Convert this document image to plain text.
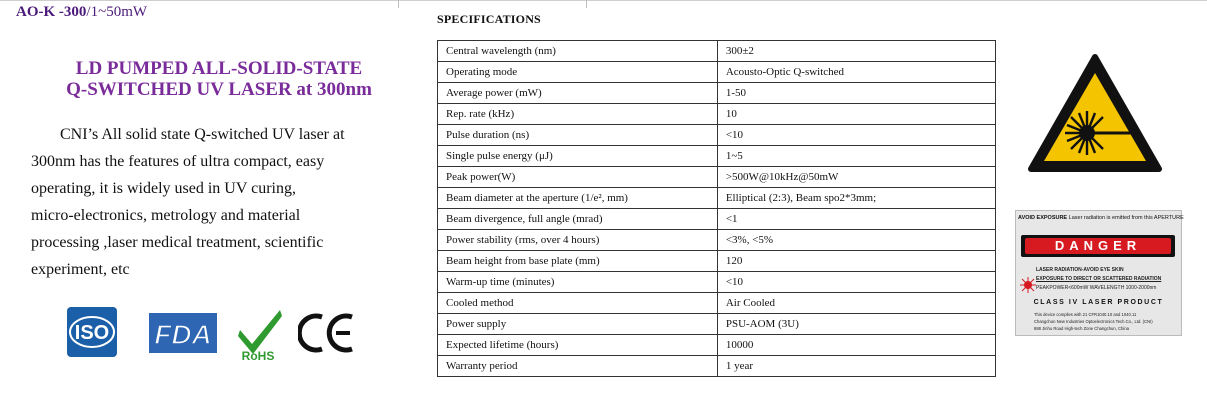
AO-K -300/1~50mW
LD PUMPED ALL-SOLID-STATE
Q-SWITCHED UV LASER at 300nm
CNI’s All solid state Q-switched UV laser at
300nm has the features of ultra compact, easy
operating, it is widely used in UV curing,
micro-electronics, metrology and material
processing ,laser medical treatment, scientific
experiment, etc
ISO FDA
RoHS
SPECIFICATIONS
Central wavelength (nm)	300±2
Operating mode	Acousto-Optic Q-switched
Average power (mW)	1-50
Rep. rate (kHz)	10
Pulse duration (ns)	<10
Single pulse energy (μJ)	1~5
Peak power(W)	>500W@10kHz@50mW
Beam diameter at the aperture (1/e², mm)	Elliptical (2:3), Beam spo2*3mm;
Beam divergence, full angle (mrad)	<1
Power stability (rms, over 4 hours)	<3%, <5%
Beam height from base plate (mm)	120
Warm-up time (minutes)	<10
Cooled method	Air Cooled
Power supply	PSU-AOM (3U)
Expected lifetime (hours)	10000
Warranty period	1 year
AVOID EXPOSURE Laser radiation is emitted from this APERTURE
DANGER
LASER RADIATION-AVOID EYE SKIN
EXPOSURE TO DIRECT OR SCATTERED RADIATION
PEAKPOWER<600mW WAVELENGTH 1000-2000nm
CLASS IV LASER PRODUCT
This device complies with 21 CFR1040.10 and 1040.11
Changchun New Industries Optoelectronics Tech.Co., Ltd. (CNI)
888 Jinhu Road High-tech Zone Changchun, China
